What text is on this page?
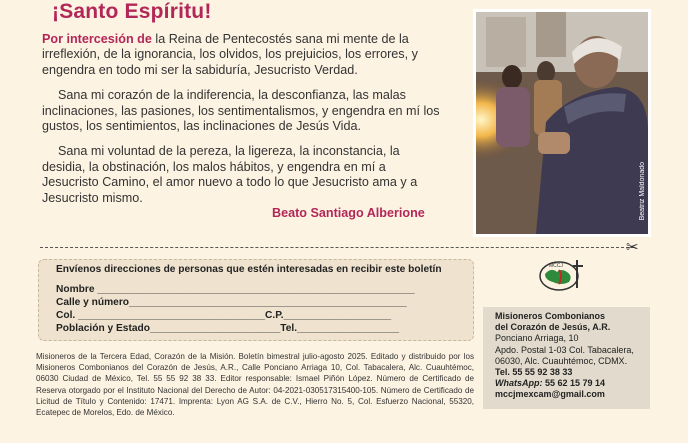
¡Santo Espíritu!

Por intercesión de la Reina de Pentecostés sana mi mente de la irreflexión, de la ignorancia, los olvidos, los prejuicios, los errores, y engendra en todo mi ser la sabiduría, Jesucristo Verdad.

Sana mi corazón de la indiferencia, la desconfianza, las malas inclinaciones, las pasiones, los sentimentalismos, y engendra en mí los gustos, los sentimientos, las inclinaciones de Jesús Vida.

Sana mi voluntad de la pereza, la ligereza, la inconstancia, la desidia, la obstinación, los malos hábitos, y engendra en mí a Jesucristo Camino, el amor nuevo a todo lo que Jesucristo ama y a Jesucristo mismo.

Beato Santiago Alberione	Beatriz Maldonado
✂
Envíenos direcciones de personas que estén interesadas en recibir este boletín
Nombre ________________________________________________________
Calle y número_________________________________________________
Col. _________________________________C.P.___________________
Población y Estado_______________________Tel.__________________
MCCJ
Misioneros de la Tercera Edad, Corazón de la Misión. Boletín bimestral julio-agosto 2025. Editado y distribuido por los Misioneros Combonianos del Corazón de Jesús, A.R., Calle Ponciano Arriaga 10, Col. Tabacalera, Alc. Cuauhtémoc, 06030 Ciudad de México, Tel. 55 55 92 38 33. Editor responsable: Ismael Piñón López. Número de Certificado de Reserva otorgado por el Instituto Nacional del Derecho de Autor: 04-2021-030517315400-105. Número de Certificado de Licitud de Título y Contenido: 17471. Imprenta: Lyon AG S.A. de C.V., Hierro No. 5, Col. Esfuerzo Nacional, 55320, Ecatepec de Morelos, Edo. de México.
Misioneros Combonianos
del Corazón de Jesús, A.R.
Ponciano Arriaga, 10
Apdo. Postal 1-03 Col. Tabacalera,
06030, Alc. Cuauhtémoc, CDMX.
Tel. 55 55 92 38 33
WhatsApp: 55 62 15 79 14
mccjmexcam@gmail.com
